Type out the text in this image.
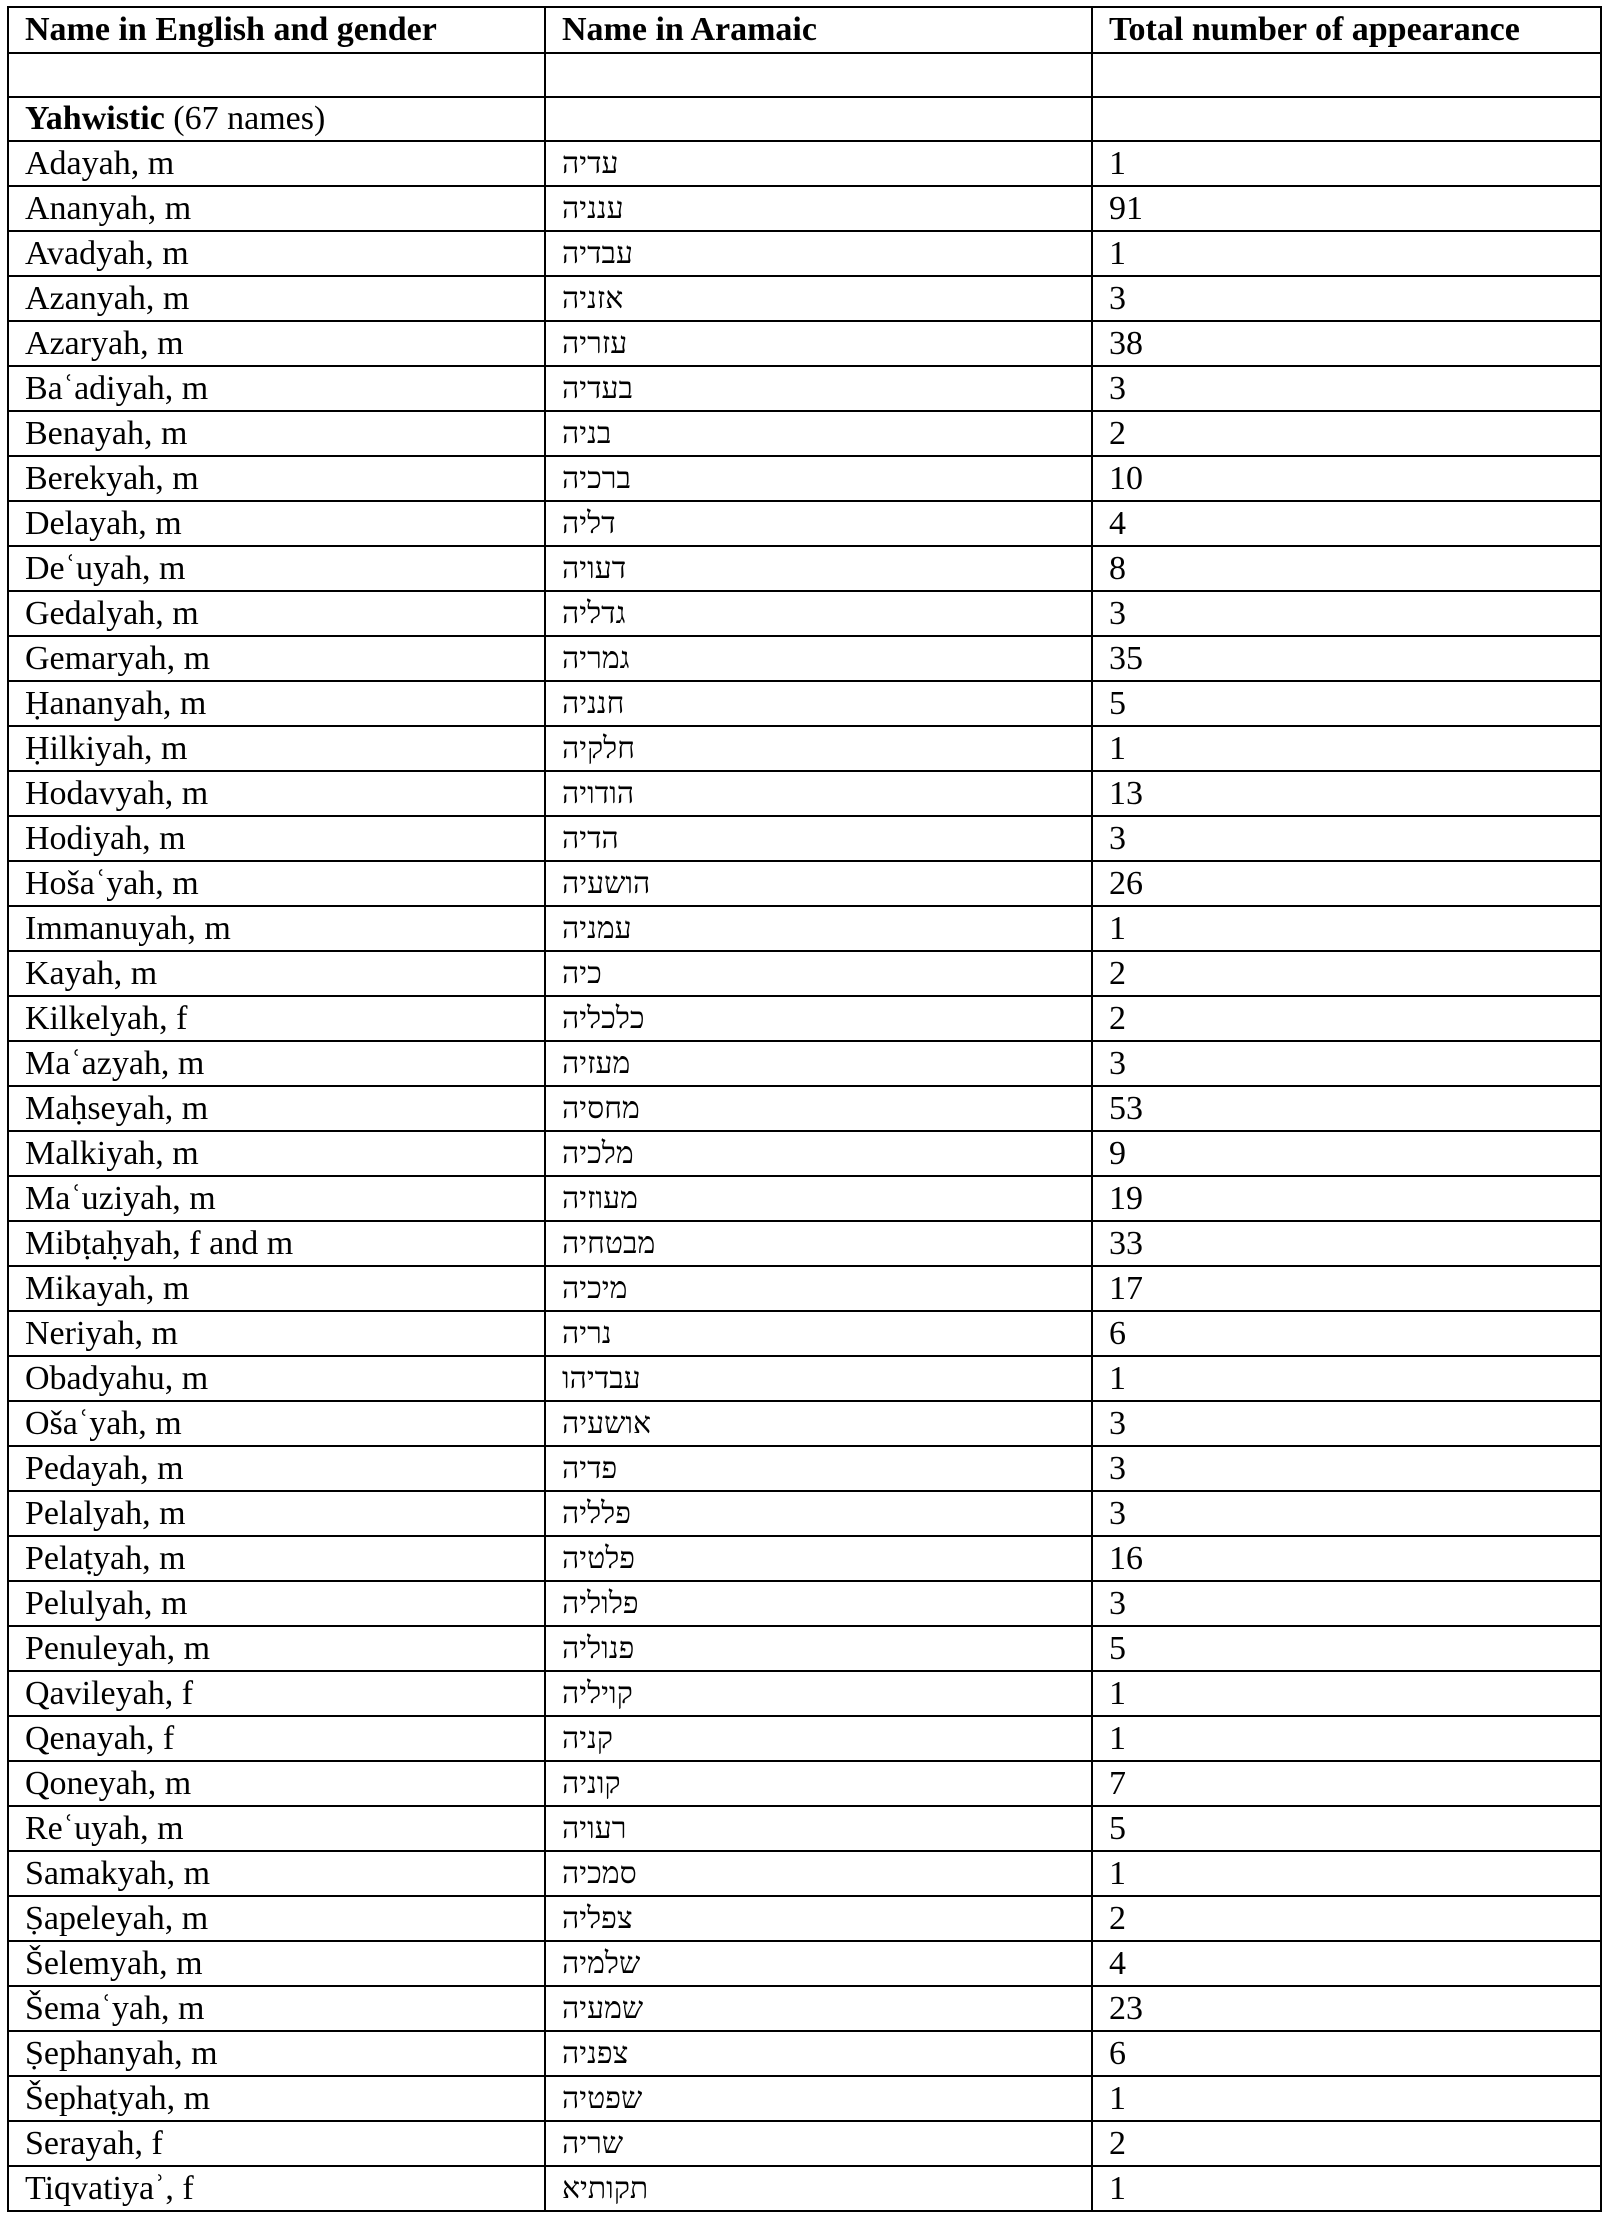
Name in English and gender	Name in Aramaic	Total number of appearance

Yahwistic (67 names)		
Adayah, m	עדיה	1
Ananyah, m	ענניה	91
Avadyah, m	עבדיה	1
Azanyah, m	אזניה	3
Azaryah, m	עזריה	38
Baʿadiyah, m	בעדיה	3
Benayah, m	בניה	2
Berekyah, m	ברכיה	10
Delayah, m	דליה	4
Deʿuyah, m	דעויה	8
Gedalyah, m	גדליה	3
Gemaryah, m	גמריה	35
Ḥananyah, m	חנניה	5
Ḥilkiyah, m	חלקיה	1
Hodavyah, m	הודויה	13
Hodiyah, m	הדיה	3
Hošaʿyah, m	הושעיה	26
Immanuyah, m	עמניה	1
Kayah, m	כיה	2
Kilkelyah, f	כלכליה	2
Maʿazyah, m	מעזיה	3
Maḥseyah, m	מחסיה	53
Malkiyah, m	מלכיה	9
Maʿuziyah, m	מעוזיה	19
Mibṭaḥyah, f and m	מבטחיה	33
Mikayah, m	מיכיה	17
Neriyah, m	נריה	6
Obadyahu, m	עבדיהו	1
Ošaʿyah, m	אושעיה	3
Pedayah, m	פדיה	3
Pelalyah, m	פלליה	3
Pelaṭyah, m	פלטיה	16
Pelulyah, m	פלוליה	3
Penuleyah, m	פנוליה	5
Qavileyah, f	קויליה	1
Qenayah, f	קניה	1
Qoneyah, m	קוניה	7
Reʿuyah, m	רעויה	5
Samakyah, m	סמכיה	1
Ṣapeleyah, m	צפליה	2
Šelemyah, m	שלמיה	4
Šemaʿyah, m	שמעיה	23
Ṣephanyah, m	צפניה	6
Šephaṭyah, m	שפטיה	1
Serayah, f	שריה	2
Tiqvatiyaʾ, f	תקותיא	1
